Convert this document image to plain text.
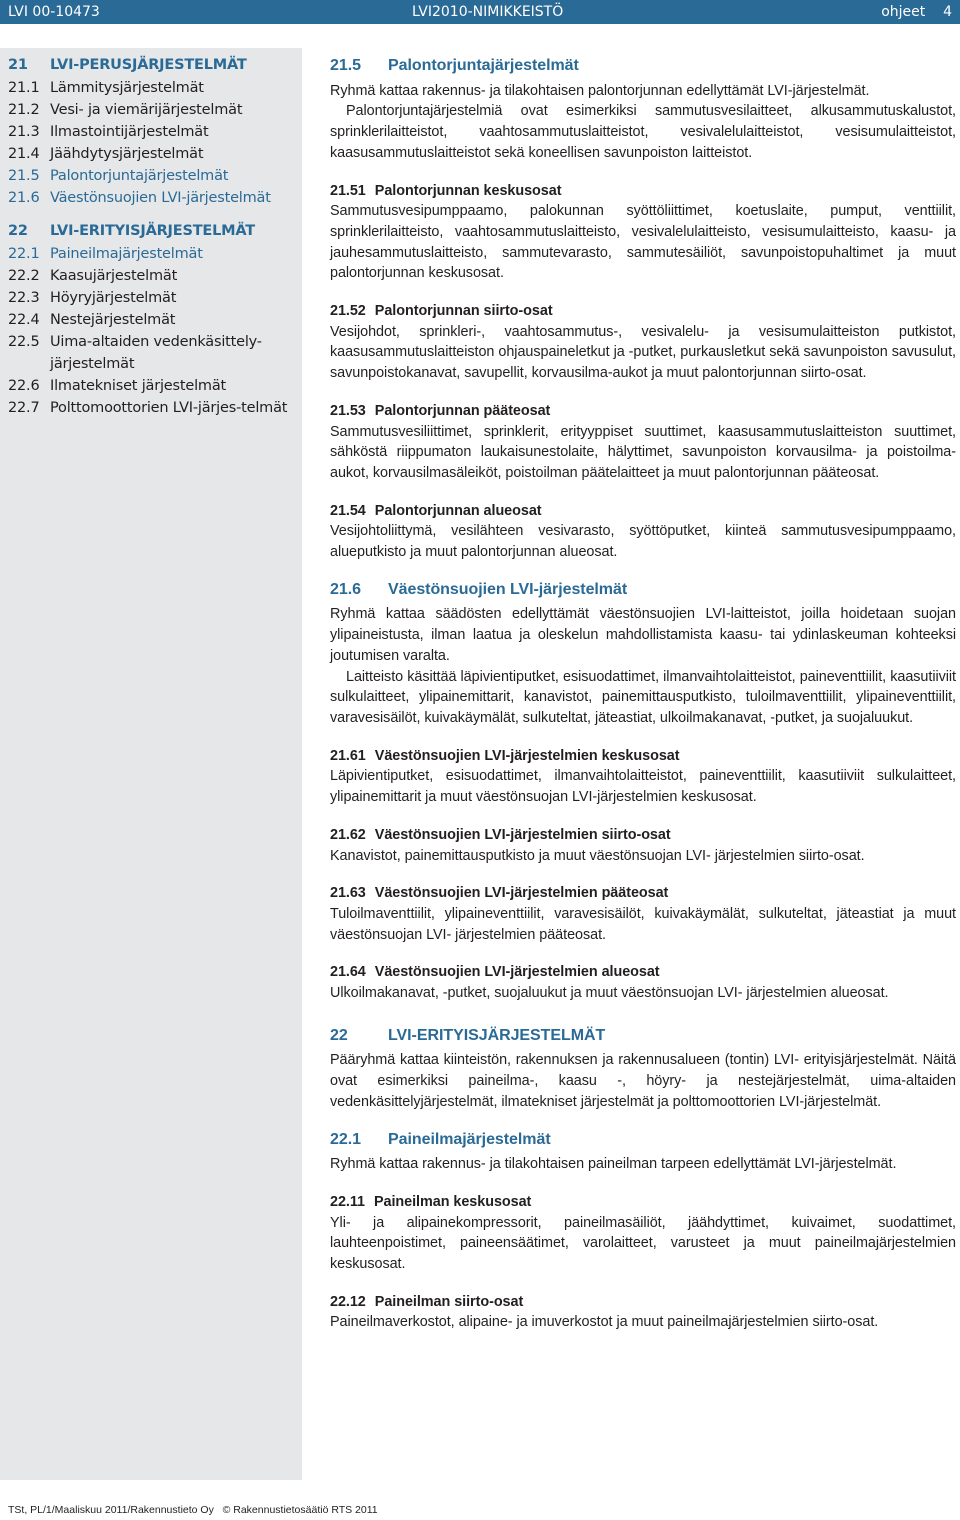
LVI 00-10473	LVI2010-NIMIKKEISTÖ	ohjeet 4
21	LVI-PERUSJÄRJESTELMÄT
21.1 Lämmitysjärjestelmät
21.2 Vesi- ja viemärijärjestelmät
21.3 Ilmastointijärjestelmät
21.4 Jäähdytysjärjestelmät
21.5 Palontorjuntajärjestelmät
21.6 Väestönsuojien LVI-järjestelmät
22	LVI-ERITYISJÄRJESTELMÄT
22.1 Paineilmajärjestelmät
22.2 Kaasujärjestelmät
22.3 Höyryjärjestelmät
22.4 Nestejärjestelmät
22.5 Uima-altaiden vedenkäsittely-​järjestelmät
22.6 Ilmatekniset järjestelmät
22.7 Polttomoottorien LVI-järjes-​telmät
21.5	Palontorjuntajärjestelmät

Ryhmä kattaa rakennus- ja tilakohtaisen palontorjunnan edellyttämät LVI-järjestelmät.

Palontorjuntajärjestelmiä ovat esimerkiksi sammutusvesilaitteet, alkusammutuskalustot, sprinklerilaitteistot, vaahtosammutuslaitteistot, vesivalelulaitteistot, vesisumulaitteistot, kaasusammutuslaitteistot sekä koneellisen savunpoiston laitteistot.

21.51 Palontorjunnan keskusosat

Sammutusvesipumppaamo, palokunnan syöttöliittimet, koetuslaite, pumput, venttiilit, sprinklerilaitteisto, vaahtosammutuslaitteisto, vesivalelulaitteisto, vesisumulaitteisto, kaasu- ja jauhesammutuslaitteisto, sammutevarasto, sammutesäiliöt, savunpoistopuhaltimet ja muut palontorjunnan keskusosat.

21.52 Palontorjunnan siirto-osat

Vesijohdot, sprinkleri-, vaahtosammutus-, vesivalelu- ja vesisumulaitteiston putkistot, kaasusammutuslaitteiston ohjauspaineletkut ja -putket, purkausletkut sekä savunpoiston savusulut, savunpoistokanavat, savupellit, korvausilma-aukot ja muut palontorjunnan siirto-osat.

21.53 Palontorjunnan pääteosat

Sammutusvesiliittimet, sprinklerit, erityyppiset suuttimet, kaasusammutuslaitteiston suuttimet, sähköstä riippumaton laukaisunestolaite, hälyttimet, savunpoiston korvausilma- ja poistoilma-aukot, korvausilmasäleiköt, poistoilman päätelaitteet ja muut palontorjunnan pääteosat.

21.54 Palontorjunnan alueosat

Vesijohtoliittymä, vesilähteen vesivarasto, syöttöputket, kiinteä sammutusvesipumppaamo, alueputkisto ja muut palontorjunnan alueosat.

21.6	Väestönsuojien LVI-järjestelmät

Ryhmä kattaa säädösten edellyttämät väestönsuojien LVI-laitteistot, joilla hoidetaan suojan ylipaineistusta, ilman laatua ja oleskelun mahdollistamista kaasu- tai ydinlaskeuman kohteeksi joutumisen varalta.

Laitteisto käsittää läpivientiputket, esisuodattimet, ilmanvaihtolaitteistot, paineventtiilit, kaasutiiviit sulkulaitteet, ylipainemittarit, kanavistot, painemittausputkisto, tuloilmaventtiilit, ylipaineventtiilit, varavesisäilöt, kuivakäymälät, sulkuteltat, jäteastiat, ulkoilmakanavat, -putket, ja suojaluukut.

21.61 Väestönsuojien LVI-järjestelmien keskusosat

Läpivientiputket, esisuodattimet, ilmanvaihtolaitteistot, paineventtiilit, kaasutiiviit sulkulaitteet, ylipainemittarit ja muut väestönsuojan LVI-järjestelmien keskusosat.

21.62 Väestönsuojien LVI-järjestelmien siirto-osat

Kanavistot, painemittausputkisto ja muut väestönsuojan LVI- järjestelmien siirto-osat.

21.63 Väestönsuojien LVI-järjestelmien pääteosat

Tuloilmaventtiilit, ylipaineventtiilit, varavesisäilöt, kuivakäymälät, sulkuteltat, jäteastiat ja muut väestönsuojan LVI- järjestelmien pääteosat.

21.64 Väestönsuojien LVI-järjestelmien alueosat

Ulkoilmakanavat, -putket, suojaluukut ja muut väestönsuojan LVI- järjestelmien alueosat.

22	LVI-ERITYISJÄRJESTELMÄT

Pääryhmä kattaa kiinteistön, rakennuksen ja rakennusalueen (tontin) LVI- erityisjärjestelmät. Näitä ovat esimerkiksi paineilma-, kaasu -, höyry- ja nestejärjestelmät, uima-altaiden vedenkäsittelyjärjestelmät, ilmatekniset järjestelmät ja polttomoottorien LVI-järjestelmät.

22.1	Paineilmajärjestelmät

Ryhmä kattaa rakennus- ja tilakohtaisen paineilman tarpeen edellyttämät LVI-järjestelmät.

22.11 Paineilman keskusosat

Yli- ja alipainekompressorit, paineilmasäiliöt, jäähdyttimet, kuivaimet, suodattimet, lauhteenpoistimet, paineensäätimet, varolaitteet, varusteet ja muut paineilmajärjestelmien keskusosat.

22.12 Paineilman siirto-osat

Paineilmaverkostot, alipaine- ja imuverkostot ja muut paineilmajärjestelmien siirto-osat.

TSt, PL/1/Maaliskuu 2011/Rakennustieto Oy © Rakennustietosäätiö RTS 2011
